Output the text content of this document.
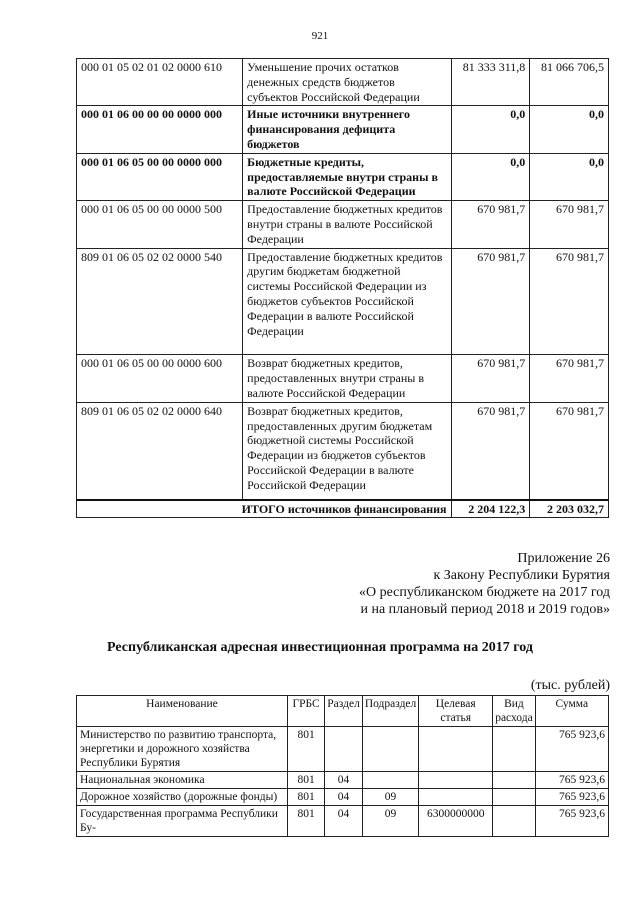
921
000 01 05 02 01 02 0000 610	Уменьшение прочих остатков денежных средств бюджетов субъектов Российской Федерации	81 333 311,8	81 066 706,5
000 01 06 00 00 00 0000 000	Иные источники внутреннего финансирования дефицита бюджетов	0,0	0,0
000 01 06 05 00 00 0000 000	Бюджетные кредиты, предоставляемые внутри страны в валюте Российской Федерации	0,0	0,0
000 01 06 05 00 00 0000 500	Предоставление бюджетных кредитов внутри страны в валюте Российской Федерации	670 981,7	670 981,7
809 01 06 05 02 02 0000 540	Предоставление бюджетных кредитов другим бюджетам бюджетной системы Российской Федерации из бюджетов субъектов Российской Федерации в валюте Российской Федерации	670 981,7	670 981,7
000 01 06 05 00 00 0000 600	Возврат бюджетных кредитов, предоставленных внутри страны в валюте Российской Федерации	670 981,7	670 981,7
809 01 06 05 02 02 0000 640	Возврат бюджетных кредитов, предоставленных другим бюджетам бюджетной системы Российской Федерации из бюджетов субъектов Российской Федерации в валюте Российской Федерации	670 981,7	670 981,7
ИТОГО источников финансирования		2 204 122,3	2 203 032,7
Приложение 26
к Закону Республики Бурятия
«О республиканском бюджете на 2017 год
и на плановый период 2018 и 2019 годов»
Республиканская адресная инвестиционная программа на 2017 год
(тыс. рублей)
Наименование	ГРБС	Раздел	Подраздел	Целевая статья	Вид расхода	Сумма
Министерство по развитию транспорта, энергетики и дорожного хозяйства Республики Бурятия	801					765 923,6
Национальная экономика	801	04				765 923,6
Дорожное хозяйство (дорожные фонды)	801	04	09			765 923,6
Государственная программа Республики Бу-	801	04	09	6300000000		765 923,6
